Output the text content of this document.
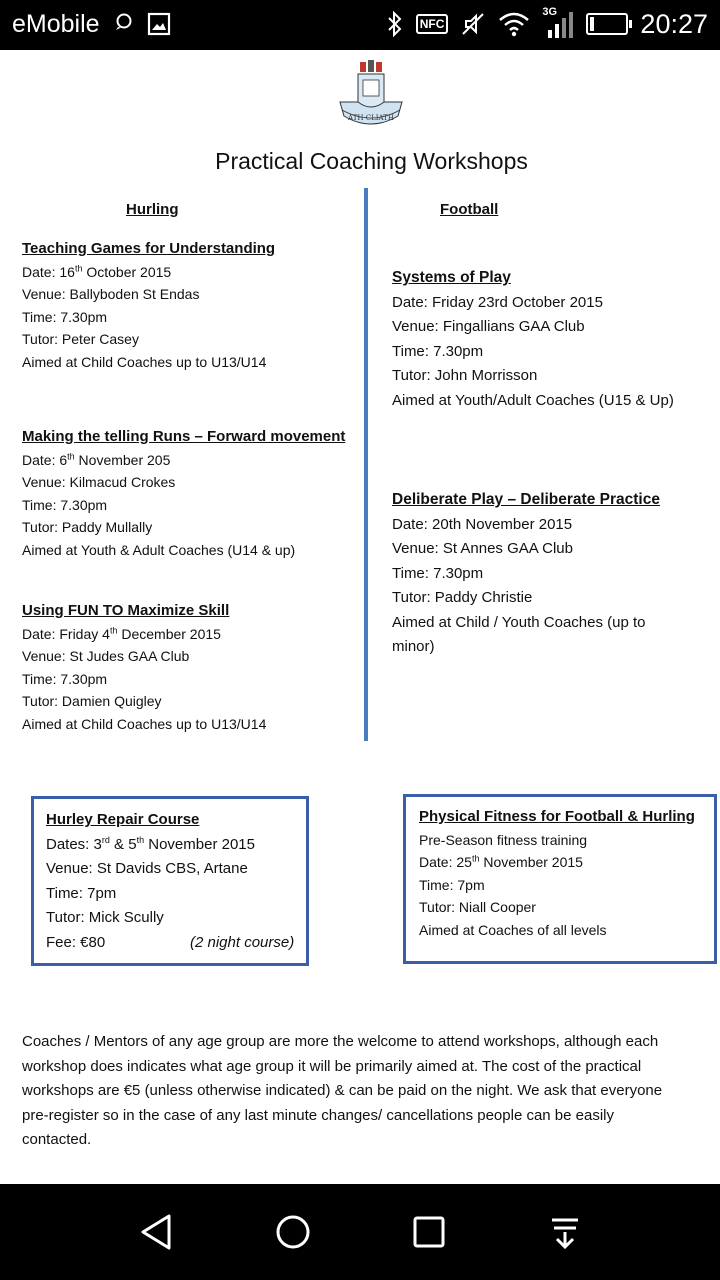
eMobile	NFC
3G	20:27
ATH CLIATH
Practical Coaching Workshops
Hurling	Football
Teaching Games for Understanding
Date: 16th October 2015
Venue: Ballyboden St Endas
Time: 7.30pm
Tutor: Peter Casey
Aimed at Child Coaches up to U13/U14
Making the telling Runs – Forward movement
Date: 6th November 205
Venue: Kilmacud Crokes
Time: 7.30pm
Tutor: Paddy Mullally
Aimed at Youth & Adult Coaches (U14 & up)
Using FUN TO Maximize Skill
Date: Friday 4th December 2015
Venue: St Judes GAA Club
Time: 7.30pm
Tutor: Damien Quigley
Aimed at Child Coaches up to U13/U14
Systems of Play
Date: Friday 23rd October 2015
Venue: Fingallians GAA Club
Time: 7.30pm
Tutor: John Morrisson
Aimed at Youth/Adult Coaches (U15 & Up)
Deliberate Play – Deliberate Practice
Date: 20th November 2015
Venue: St Annes GAA Club
Time: 7.30pm
Tutor: Paddy Christie
Aimed at Child / Youth Coaches (up to
minor)
Hurley Repair Course
Dates: 3rd & 5th November 2015
Venue: St Davids CBS, Artane
Time: 7pm
Tutor: Mick Scully
Fee: €80	(2 night course)
Physical Fitness for Football & Hurling
Pre-Season fitness training
Date: 25th November 2015
Time: 7pm
Tutor: Niall Cooper
Aimed at Coaches of all levels
Coaches / Mentors of any age group are more the welcome to attend workshops, although each
workshop does indicates what age group it will be primarily aimed at. The cost of the practical
workshops are €5 (unless otherwise indicated) & can be paid on the night. We ask that everyone
pre-register so in the case of any last minute changes/ cancellations people can be easily
contacted.
